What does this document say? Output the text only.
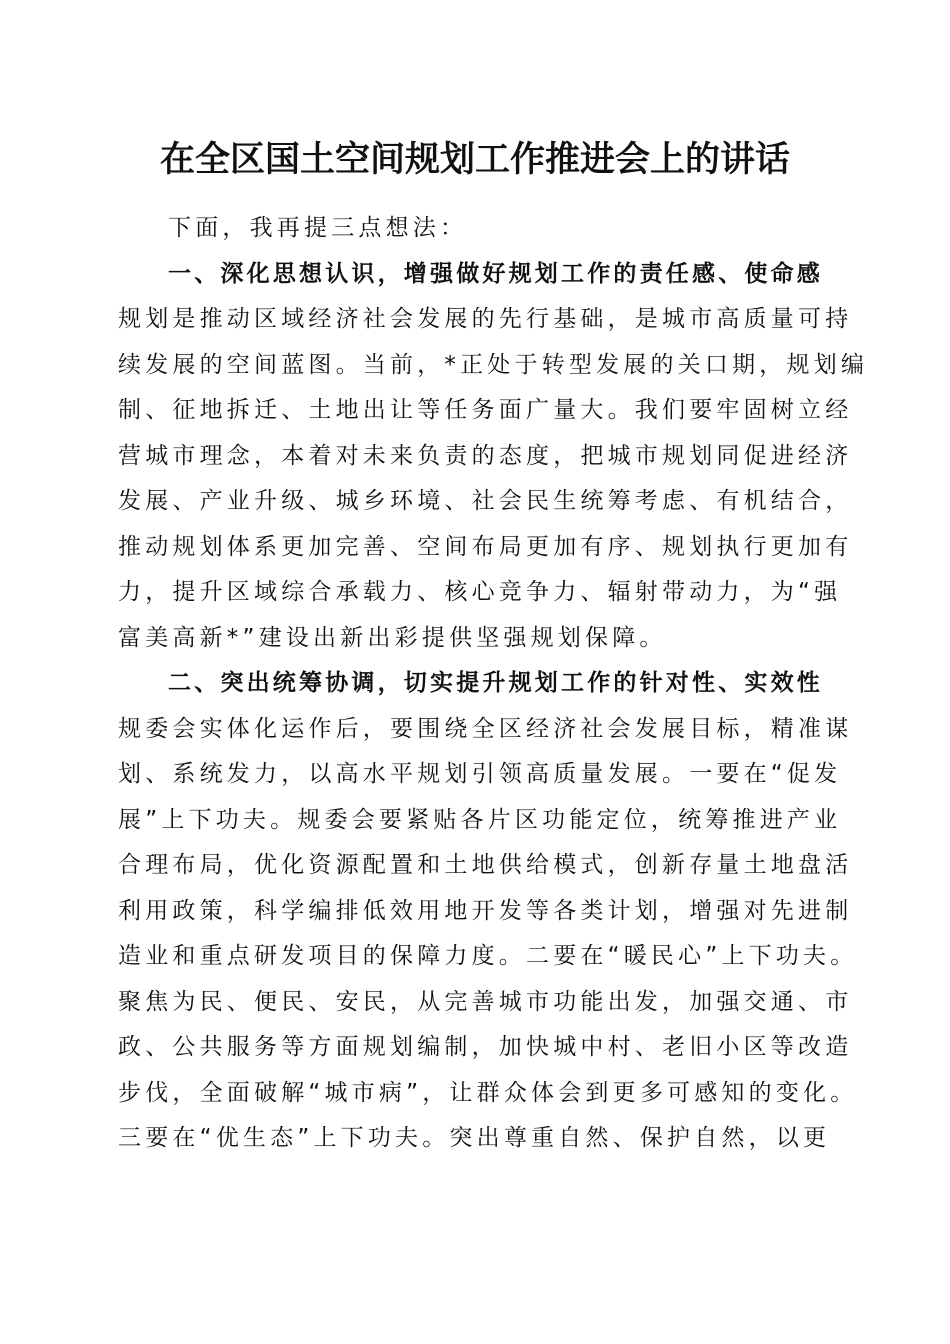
在全区国土空间规划工作推进会上的讲话
下面，我再提三点想法：
一、深化思想认识，增强做好规划工作的责任感、使命感
规划是推动区域经济社会发展的先行基础，是城市高质量可持
续发展的空间蓝图。当前，*正处于转型发展的关口期，规划编
制、征地拆迁、土地出让等任务面广量大。我们要牢固树立经
营城市理念，本着对未来负责的态度，把城市规划同促进经济
发展、产业升级、城乡环境、社会民生统筹考虑、有机结合，
推动规划体系更加完善、空间布局更加有序、规划执行更加有
力，提升区域综合承载力、核心竞争力、辐射带动力，为“强
富美高新*”建设出新出彩提供坚强规划保障。
二、突出统筹协调，切实提升规划工作的针对性、实效性
规委会实体化运作后，要围绕全区经济社会发展目标，精准谋
划、系统发力，以高水平规划引领高质量发展。一要在“促发
展”上下功夫。规委会要紧贴各片区功能定位，统筹推进产业
合理布局，优化资源配置和土地供给模式，创新存量土地盘活
利用政策，科学编排低效用地开发等各类计划，增强对先进制
造业和重点研发项目的保障力度。二要在“暖民心”上下功夫。
聚焦为民、便民、安民，从完善城市功能出发，加强交通、市
政、公共服务等方面规划编制，加快城中村、老旧小区等改造
步伐，全面破解“城市病”，让群众体会到更多可感知的变化。
三要在“优生态”上下功夫。突出尊重自然、保护自然，以更
